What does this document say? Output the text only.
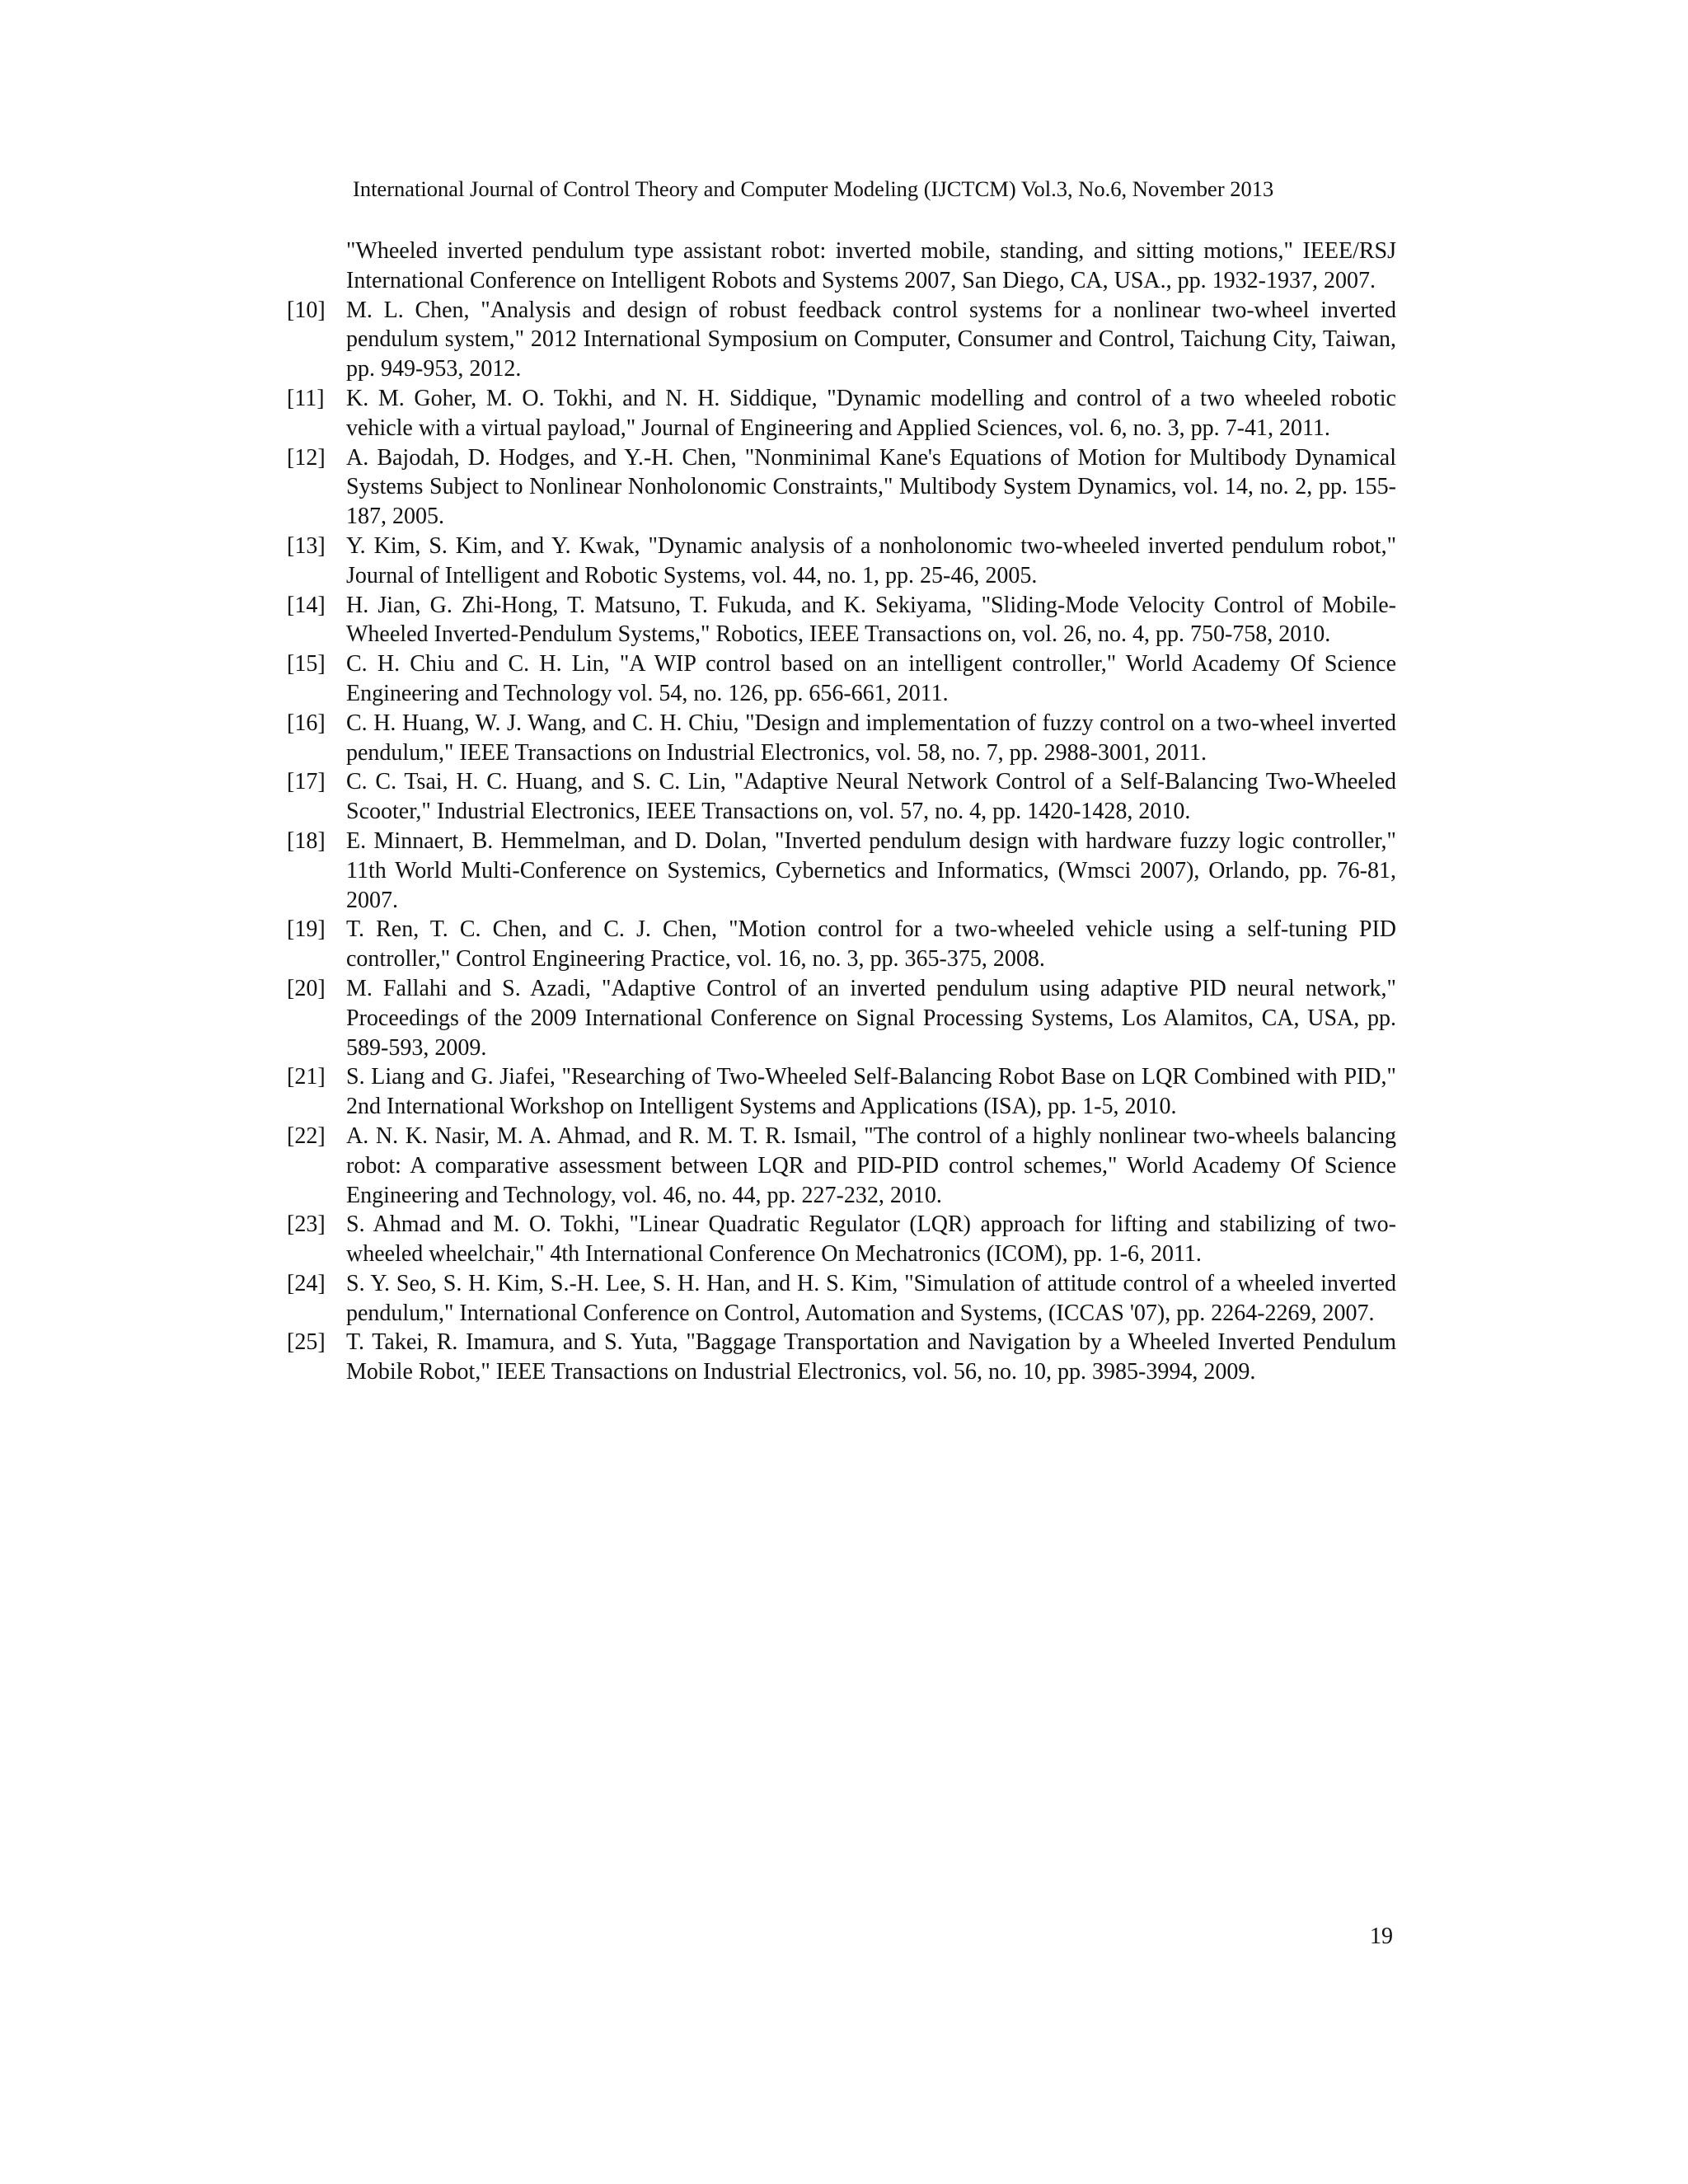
International Journal of Control Theory and Computer Modeling (IJCTCM) Vol.3, No.6, November 2013
"Wheeled inverted pendulum type assistant robot: inverted mobile, standing, and sitting motions," IEEE/RSJ International Conference on Intelligent Robots and Systems 2007, San Diego, CA, USA., pp. 1932-1937, 2007.
[10] M. L. Chen, "Analysis and design of robust feedback control systems for a nonlinear two-wheel inverted pendulum system," 2012 International Symposium on Computer, Consumer and Control, Taichung City, Taiwan, pp. 949-953, 2012.
[11] K. M. Goher, M. O. Tokhi, and N. H. Siddique, "Dynamic modelling and control of a two wheeled robotic vehicle with a virtual payload," Journal of Engineering and Applied Sciences, vol. 6, no. 3, pp. 7-41, 2011.
[12] A. Bajodah, D. Hodges, and Y.-H. Chen, "Nonminimal Kane's Equations of Motion for Multibody Dynamical Systems Subject to Nonlinear Nonholonomic Constraints," Multibody System Dynamics, vol. 14, no. 2, pp. 155-187, 2005.
[13] Y. Kim, S. Kim, and Y. Kwak, "Dynamic analysis of a nonholonomic two-wheeled inverted pendulum robot," Journal of Intelligent and Robotic Systems, vol. 44, no. 1, pp. 25-46, 2005.
[14] H. Jian, G. Zhi-Hong, T. Matsuno, T. Fukuda, and K. Sekiyama, "Sliding-Mode Velocity Control of Mobile-Wheeled Inverted-Pendulum Systems," Robotics, IEEE Transactions on, vol. 26, no. 4, pp. 750-758, 2010.
[15] C. H. Chiu and C. H. Lin, "A WIP control based on an intelligent controller," World Academy Of Science Engineering and Technology vol. 54, no. 126, pp. 656-661, 2011.
[16] C. H. Huang, W. J. Wang, and C. H. Chiu, "Design and implementation of fuzzy control on a two-wheel inverted pendulum," IEEE Transactions on Industrial Electronics, vol. 58, no. 7, pp. 2988-3001, 2011.
[17] C. C. Tsai, H. C. Huang, and S. C. Lin, "Adaptive Neural Network Control of a Self-Balancing Two-Wheeled Scooter," Industrial Electronics, IEEE Transactions on, vol. 57, no. 4, pp. 1420-1428, 2010.
[18] E. Minnaert, B. Hemmelman, and D. Dolan, "Inverted pendulum design with hardware fuzzy logic controller," 11th World Multi-Conference on Systemics, Cybernetics and Informatics, (Wmsci 2007), Orlando, pp. 76-81, 2007.
[19] T. Ren, T. C. Chen, and C. J. Chen, "Motion control for a two-wheeled vehicle using a self-tuning PID controller," Control Engineering Practice, vol. 16, no. 3, pp. 365-375, 2008.
[20] M. Fallahi and S. Azadi, "Adaptive Control of an inverted pendulum using adaptive PID neural network," Proceedings of the 2009 International Conference on Signal Processing Systems, Los Alamitos, CA, USA, pp. 589-593, 2009.
[21] S. Liang and G. Jiafei, "Researching of Two-Wheeled Self-Balancing Robot Base on LQR Combined with PID," 2nd International Workshop on Intelligent Systems and Applications (ISA), pp. 1-5, 2010.
[22] A. N. K. Nasir, M. A. Ahmad, and R. M. T. R. Ismail, "The control of a highly nonlinear two-wheels balancing robot: A comparative assessment between LQR and PID-PID control schemes," World Academy Of Science Engineering and Technology, vol. 46, no. 44, pp. 227-232, 2010.
[23] S. Ahmad and M. O. Tokhi, "Linear Quadratic Regulator (LQR) approach for lifting and stabilizing of two-wheeled wheelchair," 4th International Conference On Mechatronics (ICOM), pp. 1-6, 2011.
[24] S. Y. Seo, S. H. Kim, S.-H. Lee, S. H. Han, and H. S. Kim, "Simulation of attitude control of a wheeled inverted pendulum," International Conference on Control, Automation and Systems, (ICCAS '07), pp. 2264-2269, 2007.
[25] T. Takei, R. Imamura, and S. Yuta, "Baggage Transportation and Navigation by a Wheeled Inverted Pendulum Mobile Robot," IEEE Transactions on Industrial Electronics, vol. 56, no. 10, pp. 3985-3994, 2009.
19
